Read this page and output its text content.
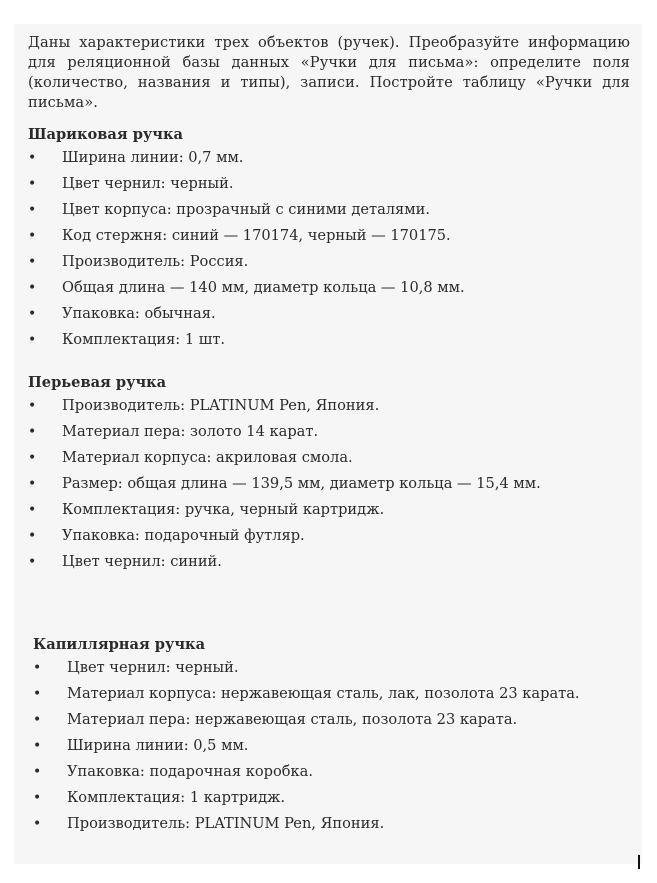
Даны характеристики трех объектов (ручек). Преобразуйте информацию для реляционной базы данных «Ручки для письма»: определите поля (количество, названия и типы), записи. Постройте таблицу «Ручки для письма».

Шариковая ручка
•	Ширина линии: 0,7 мм.
•	Цвет чернил: черный.
•	Цвет корпуса: прозрачный с синими деталями.
•	Код стержня: синий — 170174, черный — 170175.
•	Производитель: Россия.
•	Общая длина — 140 мм, диаметр кольца — 10,8 мм.
•	Упаковка: обычная.
•	Комплектация: 1 шт.
Перьевая ручка
•	Производитель: PLATINUM Pen, Япония.
•	Материал пера: золото 14 карат.
•	Материал корпуса: акриловая смола.
•	Размер: общая длина — 139,5 мм, диаметр кольца — 15,4 мм.
•	Комплектация: ручка, черный картридж.
•	Упаковка: подарочный футляр.
•	Цвет чернил: синий.
Капиллярная ручка
•	Цвет чернил: черный.
•	Материал корпуса: нержавеющая сталь, лак, позолота 23 карата.
•	Материал пера: нержавеющая сталь, позолота 23 карата.
•	Ширина линии: 0,5 мм.
•	Упаковка: подарочная коробка.
•	Комплектация: 1 картридж.
•	Производитель: PLATINUM Pen, Япония.
